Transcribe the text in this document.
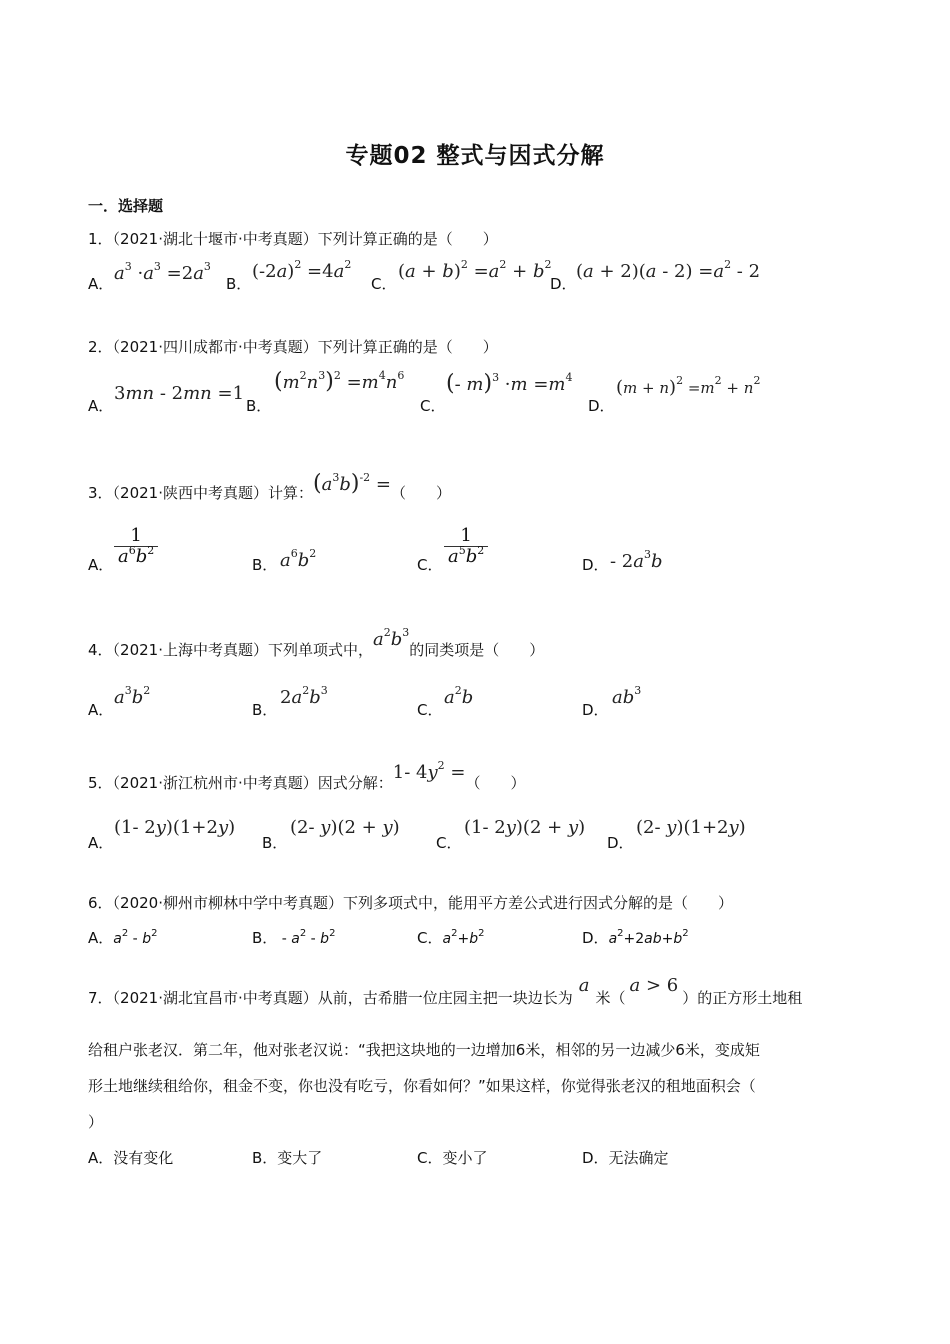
专题02 整式与因式分解
一．选择题
1．（2021·湖北十堰市·中考真题）下列计算正确的是（　　）
A． $a^3 \cdot a^3 =2a^3$
B．
$(-2a)^2 =4a^2$
C．
$(a + b)^2 =a^2 + b^2$
D．
$(a + 2)(a - 2) =a^2 - 2$
2．（2021·四川成都市·中考真题）下列计算正确的是（　　）
A．
3mn - 2mn =1
B．
$(m^2n^3)^2 =m^4n^6$
C．
(- $m)^3 \cdot m =m^4$
D．
$(m + n)^2 =m^2 + n^2$
3．（2021·陕西中考真题）计算：$(a^3b)^{-2}$ =（　　）
A． $\frac{1}{a^6b^2}$	B． $a^6b^2$
C． $\frac{1}{a^5b^2}$	D． - $2a^3b$
4．（2021·上海中考真题）下列单项式中，$a^2b^3$的同类项是（　　）
A．
$a^3b^2$
B．
$2a^2b^3$
C．
$a^2b$
D．
$ab^3$
5．（2021·浙江杭州市·中考真题）因式分解：1- $4y^2$ =（　　）
A．
(1- 2y)(1+2y)
B．
(2- y)(2 + y)
C．
(1- 2y)(2 + y)
D．
(2- y)(1+2y)
6．（2020·柳州市柳林中学中考真题）下列多项式中，能用平方差公式进行因式分解的是（　　）
A．$a^2 - b^2$	B． - $a^2 - b^2$	C．$a^2+b^2$	D．$a^2+2ab+b^2$
7．（2021·湖北宜昌市·中考真题）从前，古希腊一位庄园主把一块边长为a米（a > 6）的正方形土地租
给租户张老汉．第二年，他对张老汉说：“我把这块地的一边增加6米，相邻的另一边减少6米，变成矩
形土地继续租给你，租金不变，你也没有吃亏，你看如何？”如果这样，你觉得张老汉的租地面积会（
）
A．没有变化	B．变大了	C．变小了	D．无法确定
